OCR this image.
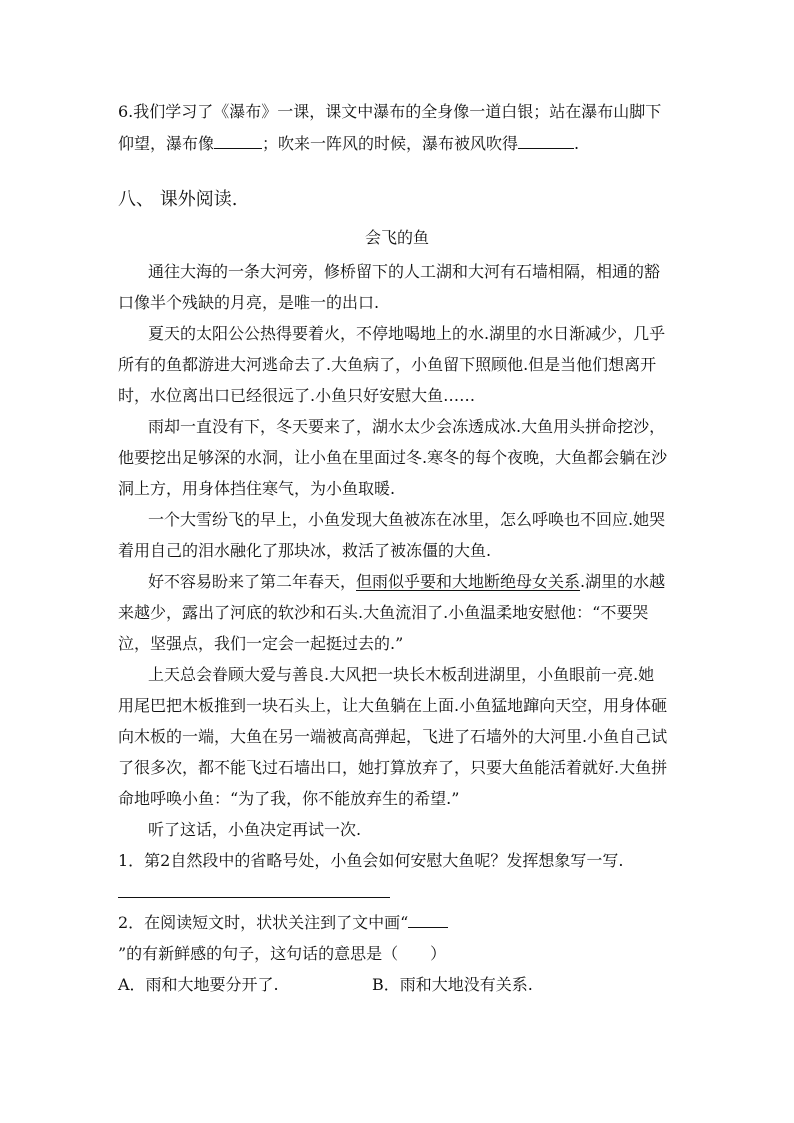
6.我们学习了《瀑布》一课，课文中瀑布的全身像一道白银；站在瀑布山脚下
仰望，瀑布像	；吹来一阵风的时候，瀑布被风吹得	.
八、 课外阅读.
会飞的鱼
通往大海的一条大河旁，修桥留下的人工湖和大河有石墙相隔，相通的豁
口像半个残缺的月亮，是唯一的出口.
夏天的太阳公公热得要着火，不停地喝地上的水.湖里的水日渐减少，几乎
所有的鱼都游进大河逃命去了.大鱼病了，小鱼留下照顾他.但是当他们想离开
时，水位离出口已经很远了.小鱼只好安慰大鱼……
雨却一直没有下，冬天要来了，湖水太少会冻透成冰.大鱼用头拼命挖沙，
他要挖出足够深的水洞，让小鱼在里面过冬.寒冬的每个夜晚，大鱼都会躺在沙
洞上方，用身体挡住寒气，为小鱼取暖.
一个大雪纷飞的早上，小鱼发现大鱼被冻在冰里，怎么呼唤也不回应.她哭
着用自己的泪水融化了那块冰，救活了被冻僵的大鱼.
好不容易盼来了第二年春天，但雨似乎要和大地断绝母女关系.湖里的水越
来越少，露出了河底的软沙和石头.大鱼流泪了.小鱼温柔地安慰他：“不要哭
泣，坚强点，我们一定会一起挺过去的.”
上天总会眷顾大爱与善良.大风把一块长木板刮进湖里，小鱼眼前一亮.她
用尾巴把木板推到一块石头上，让大鱼躺在上面.小鱼猛地蹿向天空，用身体砸
向木板的一端，大鱼在另一端被高高弹起，飞进了石墙外的大河里.小鱼自己试
了很多次，都不能飞过石墙出口，她打算放弃了，只要大鱼能活着就好.大鱼拼
命地呼唤小鱼：“为了我，你不能放弃生的希望.”
听了这话，小鱼决定再试一次.
1．第2自然段中的省略号处，小鱼会如何安慰大鱼呢？发挥想象写一写.
2．在阅读短文时，状状关注到了文中画“
”的有新鲜感的句子，这句话的意思是（　　）
A．雨和大地要分开了.	B．雨和大地没有关系.
